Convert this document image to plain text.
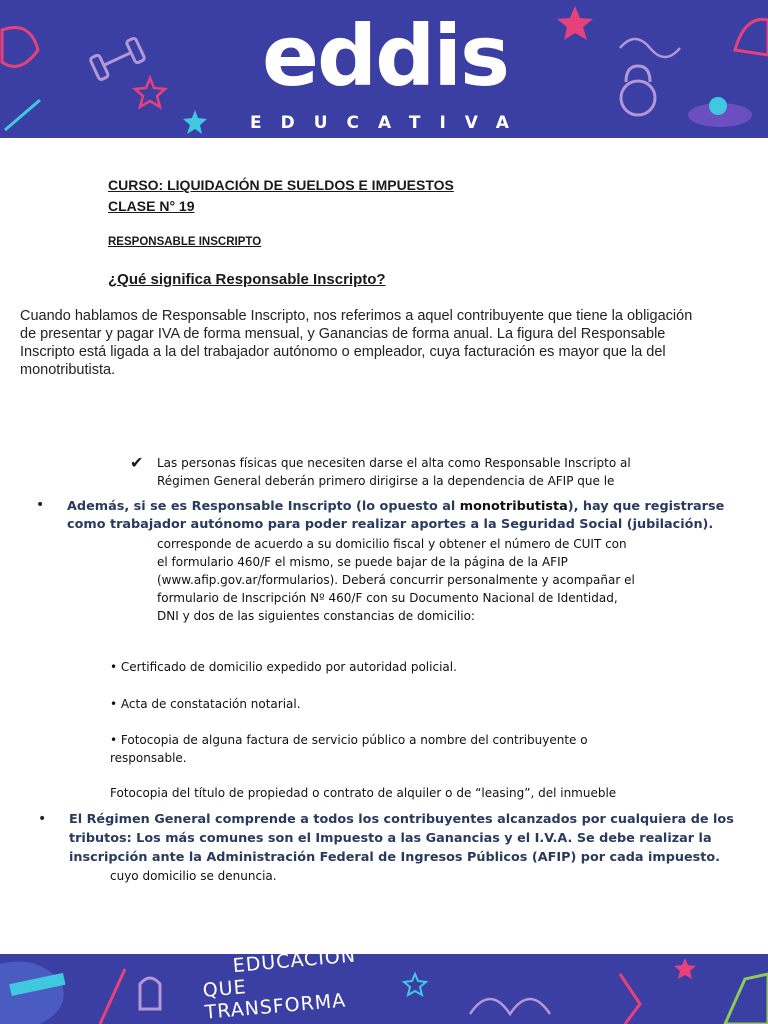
eddis
EDUCATIVA
CURSO: LIQUIDACIÓN DE SUELDOS E IMPUESTOS
CLASE N° 19
RESPONSABLE INSCRIPTO
¿Qué significa Responsable Inscripto?
Cuando hablamos de Responsable Inscripto, nos referimos a aquel contribuyente que tiene la obligación
de presentar y pagar IVA de forma mensual, y Ganancias de forma anual. La figura del Responsable
Inscripto está ligada a la del trabajador autónomo o empleador, cuya facturación es mayor que la del
monotributista.
✔ Las personas físicas que necesiten darse el alta como Responsable Inscripto al
Régimen General deberán primero dirigirse a la dependencia de AFIP que le
• Además, si se es Responsable Inscripto (lo opuesto al monotributista), hay que registrarse
como trabajador autónomo para poder realizar aportes a la Seguridad Social (jubilación).
corresponde de acuerdo a su domicilio fiscal y obtener el número de CUIT con
el formulario 460/F el mismo, se puede bajar de la página de la AFIP
(www.afip.gov.ar/formularios). Deberá concurrir personalmente y acompañar el
formulario de Inscripción Nº 460/F con su Documento Nacional de Identidad,
DNI y dos de las siguientes constancias de domicilio:
• Certificado de domicilio expedido por autoridad policial.
• Acta de constatación notarial.
• Fotocopia de alguna factura de servicio público a nombre del contribuyente o
responsable.
Fotocopia del título de propiedad o contrato de alquiler o de “leasing”, del inmueble
• El Régimen General comprende a todos los contribuyentes alcanzados por cualquiera de los
tributos: Los más comunes son el Impuesto a las Ganancias y el I.V.A. Se debe realizar la
inscripción ante la Administración Federal de Ingresos Públicos (AFIP) por cada impuesto.
cuyo domicilio se denuncia.
EDUCACIÓN
QUE TRANSFORMA
